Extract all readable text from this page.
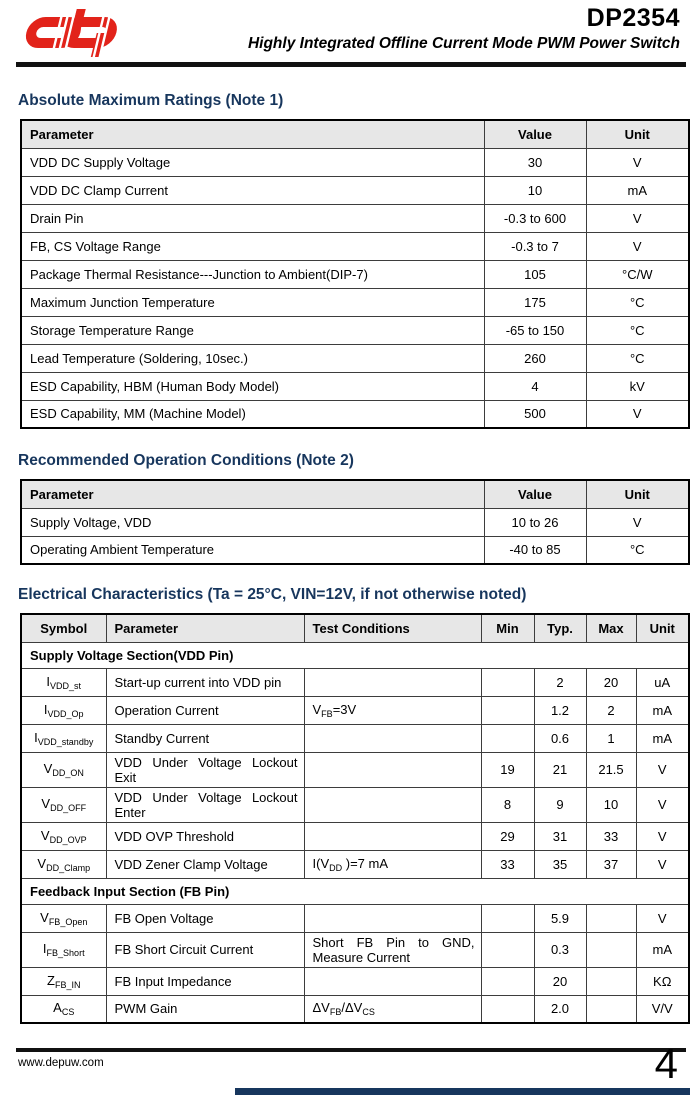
DP2354
Highly Integrated Offline Current Mode PWM Power Switch
Absolute Maximum Ratings (Note 1)
Parameter	Value	Unit
VDD DC Supply Voltage	30	V
VDD DC Clamp Current	10	mA
Drain Pin	-0.3 to 600	V
FB, CS Voltage Range	-0.3 to 7	V
Package Thermal Resistance---Junction to Ambient(DIP-7)	105	°C/W
Maximum Junction Temperature	175	°C
Storage Temperature Range	-65 to 150	°C
Lead Temperature (Soldering, 10sec.)	260	°C
ESD Capability, HBM (Human Body Model)	4	kV
ESD Capability, MM (Machine Model)	500	V
Recommended Operation Conditions (Note 2)
Parameter	Value	Unit
Supply Voltage, VDD	10 to 26	V
Operating Ambient Temperature	-40 to 85	°C
Electrical Characteristics (Ta = 25°C, VIN=12V, if not otherwise noted)
Symbol	Parameter	Test Conditions	Min	Typ.	Max	Unit
Supply Voltage Section(VDD Pin)						
$I_{VDD\_st}$	Start-up current into VDD pin			2	20	uA
$I_{VDD\_Op}$	Operation Current	$V_{FB}=3V$		1.2	2	mA
$I_{VDD\_standby}$	Standby Current			0.6	1	mA
$V_{DD\_ON}$	VDD Under Voltage Lockout Exit		19	21	21.5	V
$V_{DD\_OFF}$	VDD Under Voltage Lockout Enter		8	9	10	V
$V_{DD\_OVP}$	VDD OVP Threshold		29	31	33	V
$V_{DD\_Clamp}$	VDD Zener Clamp Voltage	$I(V_{DD}$ )=7 mA	33	35	37	V
Feedback Input Section (FB Pin)						
$V_{FB\_Open}$	FB Open Voltage			5.9		V
$I_{FB\_Short}$	FB Short Circuit Current	Short FB Pin to GND, Measure Current		0.3		mA
$Z_{FB\_IN}$	FB Input Impedance			20		KΩ
$A_{CS}$	PWM Gain	$\Delta V_{FB}/\Delta V_{CS}$		2.0		V/V
www.depuw.com	4
